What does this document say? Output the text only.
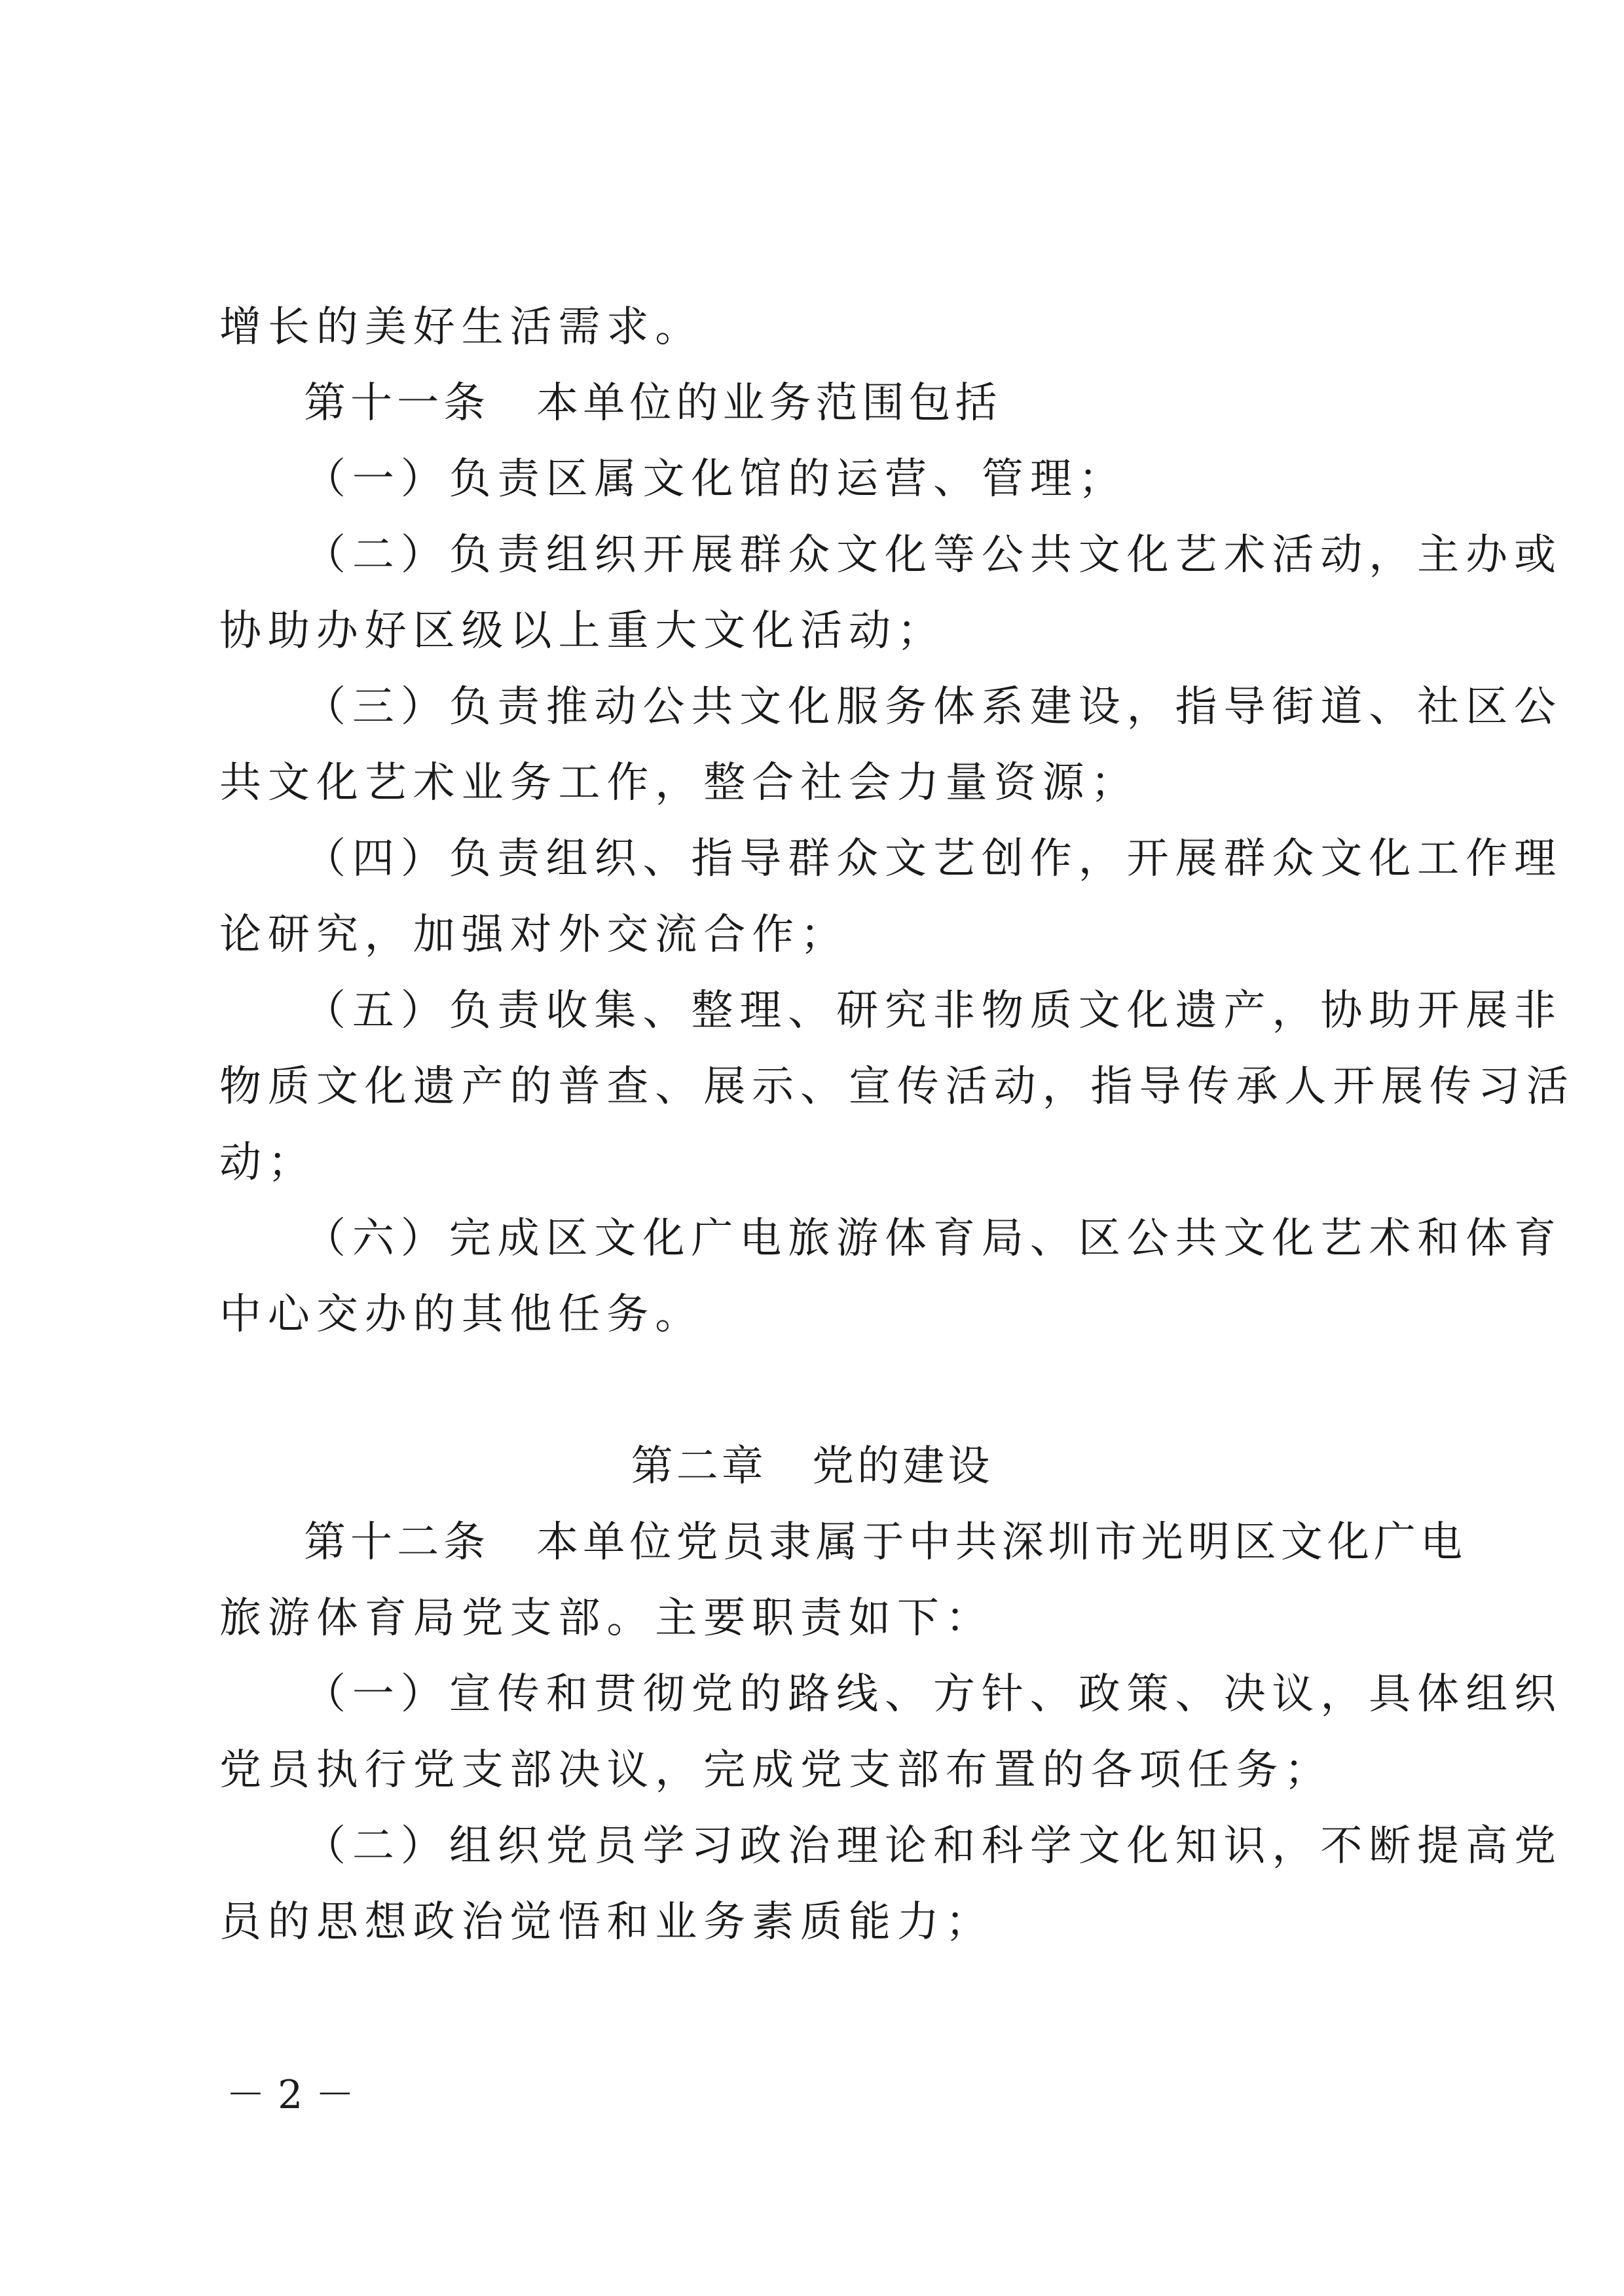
增长的美好生活需求。
第十一条　本单位的业务范围包括
（一）负责区属文化馆的运营、管理；
（二）负责组织开展群众文化等公共文化艺术活动，主办或
协助办好区级以上重大文化活动；
（三）负责推动公共文化服务体系建设，指导街道、社区公
共文化艺术业务工作，整合社会力量资源；
（四）负责组织、指导群众文艺创作，开展群众文化工作理
论研究，加强对外交流合作；
（五）负责收集、整理、研究非物质文化遗产，协助开展非
物质文化遗产的普查、展示、宣传活动，指导传承人开展传习活
动；
（六）完成区文化广电旅游体育局、区公共文化艺术和体育
中心交办的其他任务。
第二章　党的建设
第十二条　本单位党员隶属于中共深圳市光明区文化广电
旅游体育局党支部。主要职责如下：
（一）宣传和贯彻党的路线、方针、政策、决议，具体组织
党员执行党支部决议，完成党支部布置的各项任务；
（二）组织党员学习政治理论和科学文化知识，不断提高党
员的思想政治觉悟和业务素质能力；
－ 2 －
